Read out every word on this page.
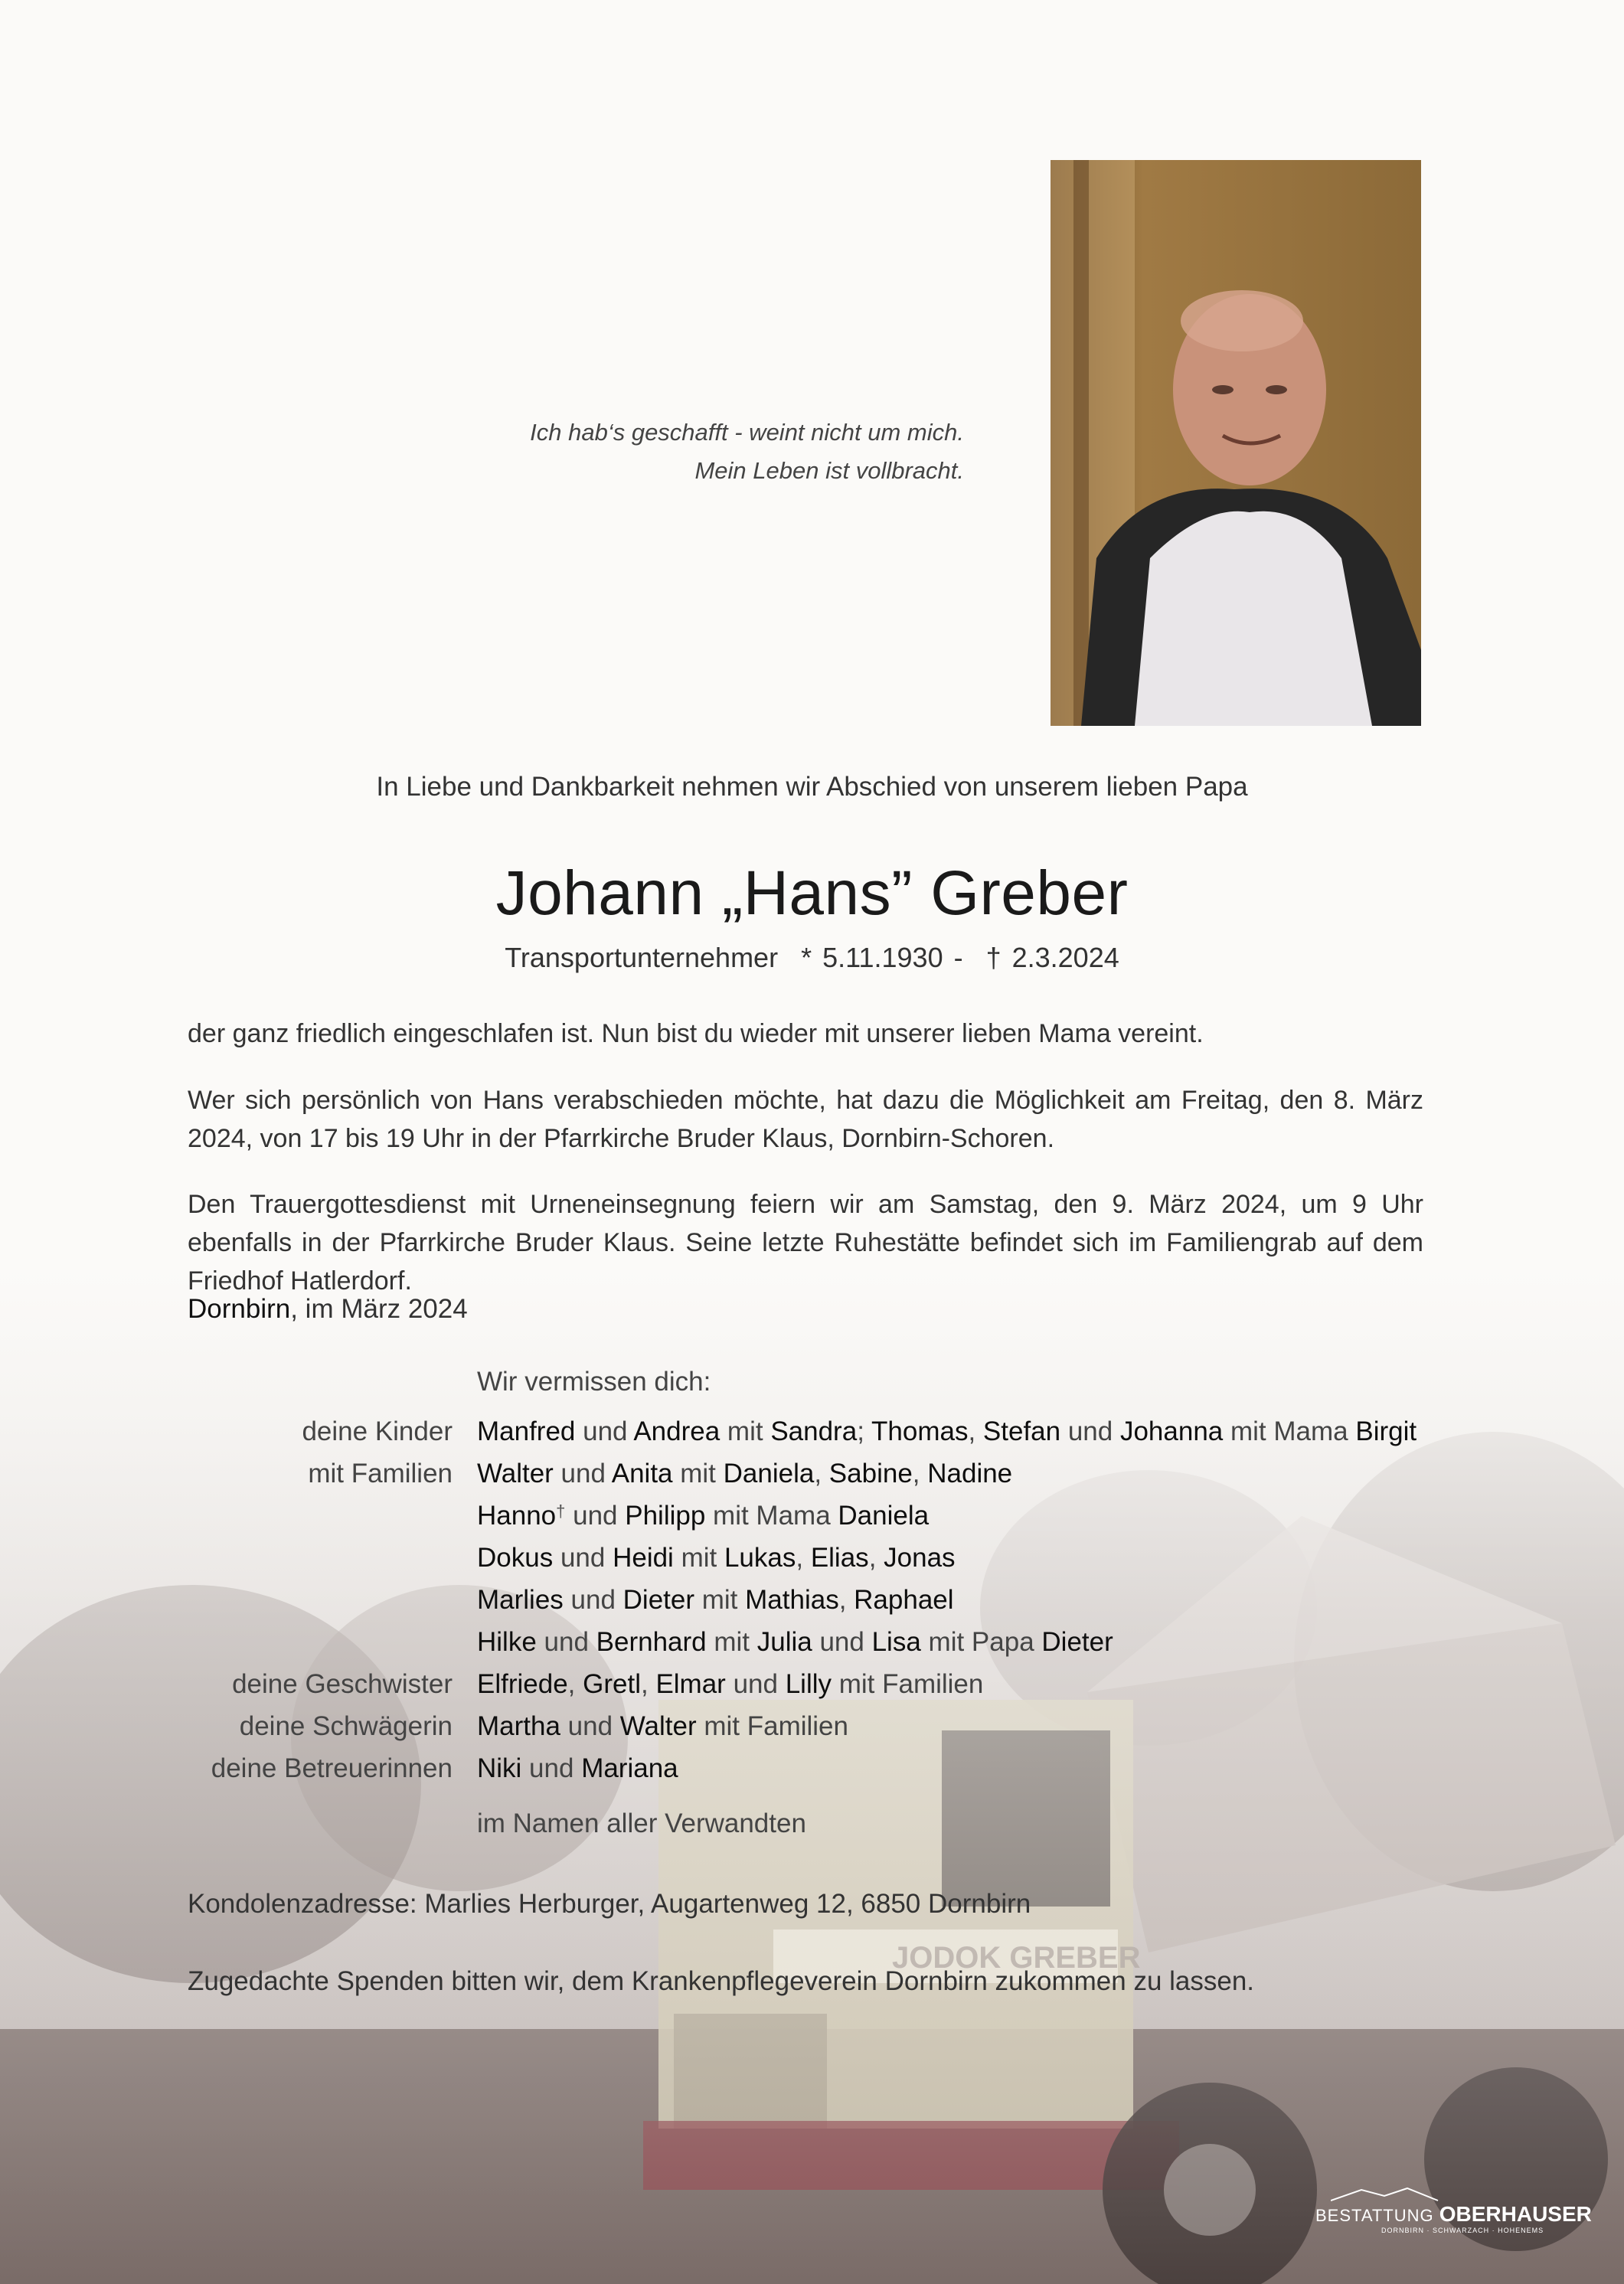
Ich hab‘s geschafft - weint nicht um mich.
Mein Leben ist vollbracht.
In Liebe und Dankbarkeit nehmen wir Abschied von unserem lieben Papa
Johann „Hans” Greber
Transportunternehmer * 5.11.1930 - † 2.3.2024
der ganz friedlich eingeschlafen ist. Nun bist du wieder mit unserer lieben Mama vereint.
Wer sich persönlich von Hans verabschieden möchte, hat dazu die Möglichkeit am Freitag, den 8. März 2024, von 17 bis 19 Uhr in der Pfarrkirche Bruder Klaus, Dornbirn-Schoren.
Den Trauergottesdienst mit Urneneinsegnung feiern wir am Samstag, den 9. März 2024, um 9 Uhr ebenfalls in der Pfarrkirche Bruder Klaus. Seine letzte Ruhestätte befindet sich im Familiengrab auf dem Friedhof Hatlerdorf.
Dornbirn, im März 2024
Wir vermissen dich:
deine Kinder Manfred und Andrea mit Sandra; Thomas, Stefan und Johanna mit Mama Birgit
mit Familien Walter und Anita mit Daniela, Sabine, Nadine
Hanno† und Philipp mit Mama Daniela
Dokus und Heidi mit Lukas, Elias, Jonas
Marlies und Dieter mit Mathias, Raphael
Hilke und Bernhard mit Julia und Lisa mit Papa Dieter
deine Geschwister Elfriede, Gretl, Elmar und Lilly mit Familien
deine Schwägerin Martha und Walter mit Familien
deine Betreuerinnen Niki und Mariana
im Namen aller Verwandten
Kondolenzadresse: Marlies Herburger, Augartenweg 12, 6850 Dornbirn
Zugedachte Spenden bitten wir, dem Krankenpflegeverein Dornbirn zukommen zu lassen.
BESTATTUNG OBERHAUSER
DORNBIRN · SCHWARZACH · HOHENEMS
